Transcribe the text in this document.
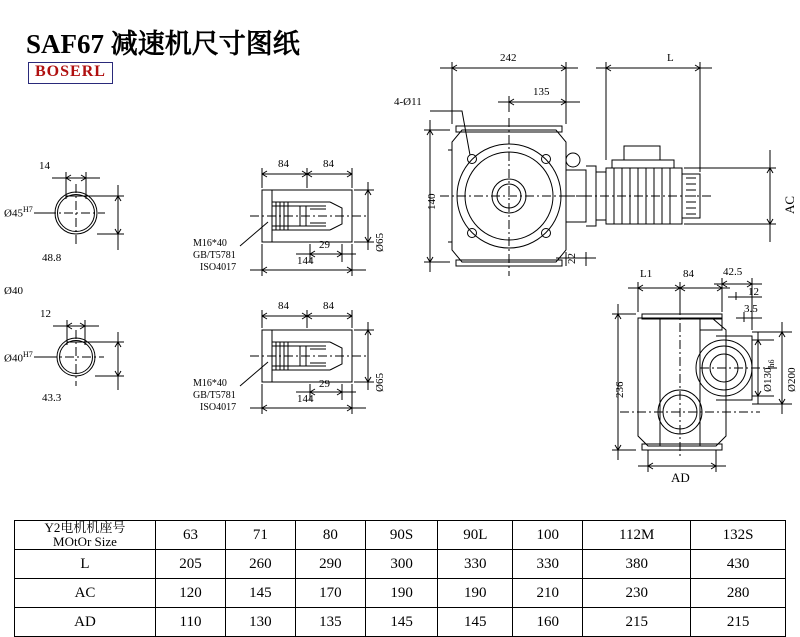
SAF67 减速机尺寸图纸
BOSERL
14
$Ø45^{H7}$
48.8
Ø40
12
$Ø40^{H7}$
43.3
84	84
29
144
Ø65
M16*40
GB/T5781
ISO4017
84	84
29
144
Ø65
M16*40
GB/T5781
ISO4017
242	L
135
4-Ø11
140
22
AC
L1	84	42.5
12
3.5
236	$Ø130_{h6}$
Ø200
AD
Y2电机机座号
MOtOr Size	63	71	80	90S	90L	100	112M	132S
L	205	260	290	300	330	330	380	430
AC	120	145	170	190	190	210	230	280
AD	110	130	135	145	145	160	215	215
